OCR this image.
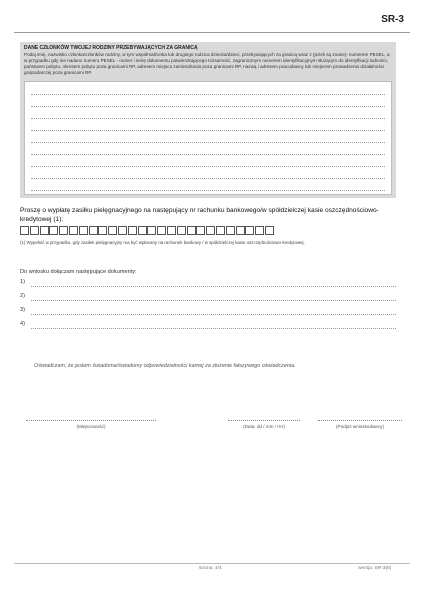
SR-3
DANE CZŁONKÓW TWOJEJ RODZINY PRZEBYWAJĄCYCH ZA GRANICĄ
Podaj imię, nazwisko członka/członków rodziny, w tym współmałżonka lub drugiego rodzica dziecka/dzieci, przebywających za granicą wraz z (jeżeli są znane): numerem PESEL, a w przypadku gdy nie nadano numeru PESEL - numer i serię dokumentu potwierdzającego tożsamość, zagranicznym numerem identyfikacyjnym służącym do identyfikacji ludności, państwem pobytu, okresem pobytu poza granicami RP, adresem miejsca zamieszkania poza granicami RP, nazwą i adresem pracodawcy lub miejscem prowadzenia działalności gospodarczej poza granicami RP.
Proszę o wypłatę zasiłku pielęgnacyjnego na następujący nr rachunku bankowego/w spółdzielczej kasie oszczędnościowo-kredytowej (1):
(1) Wypełnić w przypadku, gdy zasiłek pielęgnacyjny ma być wpłacany na rachunek bankowy / w spółdzielczej kasie oszczędnościowo-kredytowej.
Do wniosku dołączam następujące dokumenty:
1)
2)
3)
4)
Oświadczam, że jestem świadoma/świadomy odpowiedzialności karnej za złożenie fałszywego oświadczenia.
(Miejscowość)	(Data: dd / mm / rrrr)	(Podpis wnioskodawcy)
strona: 4/4	wersja: SR-3(6)
